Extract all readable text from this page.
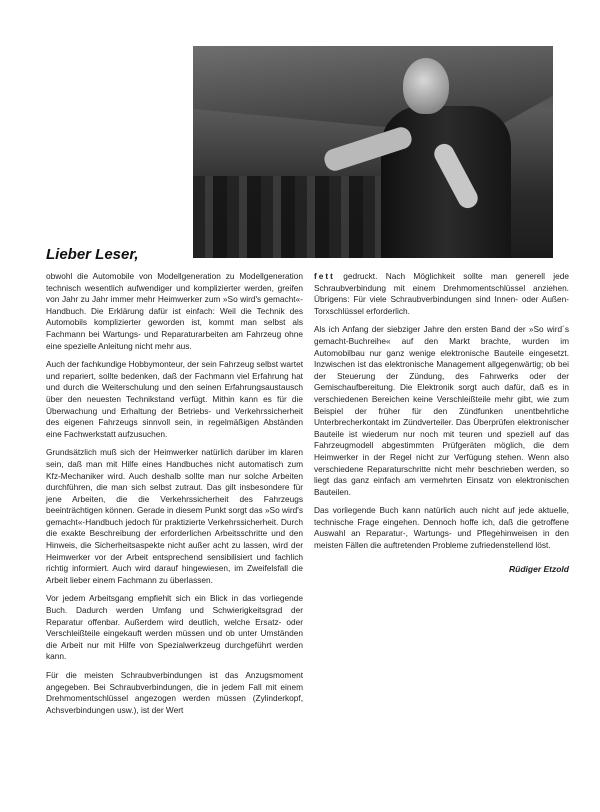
Lieber Leser,

obwohl die Automobile von Modellgeneration zu Modellgeneration technisch wesentlich aufwendiger und komplizierter werden, greifen von Jahr zu Jahr immer mehr Heimwerker zum »So wird's gemacht«-Handbuch. Die Erklärung dafür ist einfach: Weil die Technik des Automobils komplizierter geworden ist, kommt man selbst als Fachmann bei Wartungs- und Reparaturarbeiten am Fahrzeug ohne eine spezielle Anleitung nicht mehr aus.

Auch der fachkundige Hobbymonteur, der sein Fahrzeug selbst wartet und repariert, sollte bedenken, daß der Fachmann viel Erfahrung hat und durch die Weiterschulung und den seinen Erfahrungsaustausch über den neuesten Technikstand verfügt. Mithin kann es für die Überwachung und Erhaltung der Betriebs- und Verkehrssicherheit des eigenen Fahrzeugs sinnvoll sein, in regelmäßigen Abständen eine Fachwerkstatt aufzusuchen.

Grundsätzlich muß sich der Heimwerker natürlich darüber im klaren sein, daß man mit Hilfe eines Handbuches nicht automatisch zum Kfz-Mechaniker wird. Auch deshalb sollte man nur solche Arbeiten durchführen, die man sich selbst zutraut. Das gilt insbesondere für jene Arbeiten, die die Verkehrssicherheit des Fahrzeugs beeinträchtigen können. Gerade in diesem Punkt sorgt das »So wird's gemacht«-Handbuch jedoch für praktizierte Verkehrssicherheit. Durch die exakte Beschreibung der erforderlichen Arbeitsschritte und den Hinweis, die Sicherheitsaspekte nicht außer acht zu lassen, wird der Heimwerker vor der Arbeit entsprechend sensibilisiert und fachlich richtig informiert. Auch wird darauf hingewiesen, im Zweifelsfall die Arbeit lieber einem Fachmann zu überlassen.

Vor jedem Arbeitsgang empfiehlt sich ein Blick in das vorliegende Buch. Dadurch werden Umfang und Schwierigkeitsgrad der Reparatur offenbar. Außerdem wird deutlich, welche Ersatz- oder Verschleißteile eingekauft werden müssen und ob unter Umständen die Arbeit nur mit Hilfe von Spezialwerkzeug durchgeführt werden kann.

Für die meisten Schraubverbindungen ist das Anzugsmoment angegeben. Bei Schraubverbindungen, die in jedem Fall mit einem Drehmomentschlüssel angezogen werden müssen (Zylinderkopf, Achsverbindungen usw.), ist der Wert

fett gedruckt. Nach Möglichkeit sollte man generell jede Schraubverbindung mit einem Drehmomentschlüssel anziehen. Übrigens: Für viele Schraubverbindungen sind Innen- oder Außen-Torxschlüssel erforderlich.

Als ich Anfang der siebziger Jahre den ersten Band der »So wird´s gemacht-Buchreihe« auf den Markt brachte, wurden im Automobilbau nur ganz wenige elektronische Bauteile eingesetzt. Inzwischen ist das elektronische Management allgegenwärtig; ob bei der Steuerung der Zündung, des Fahrwerks oder der Gemischaufbereitung. Die Elektronik sorgt auch dafür, daß es in verschiedenen Bereichen keine Verschleißteile mehr gibt, wie zum Beispiel der früher für den Zündfunken unentbehrliche Unterbrecherkontakt im Zündverteiler. Das Überprüfen elektronischer Bauteile ist wiederum nur noch mit teuren und speziell auf das Fahrzeugmodell abgestimmten Prüfgeräten möglich, die dem Heimwerker in der Regel nicht zur Verfügung stehen. Wenn also verschiedene Reparaturschritte nicht mehr beschrieben werden, so liegt das ganz einfach am vermehrten Einsatz von elektronischen Bauteilen.

Das vorliegende Buch kann natürlich auch nicht auf jede aktuelle, technische Frage eingehen. Dennoch hoffe ich, daß die getroffene Auswahl an Reparatur-, Wartungs- und Pflegehinweisen in den meisten Fällen die auftretenden Probleme zufriedenstellend löst.

Rüdiger Etzold
